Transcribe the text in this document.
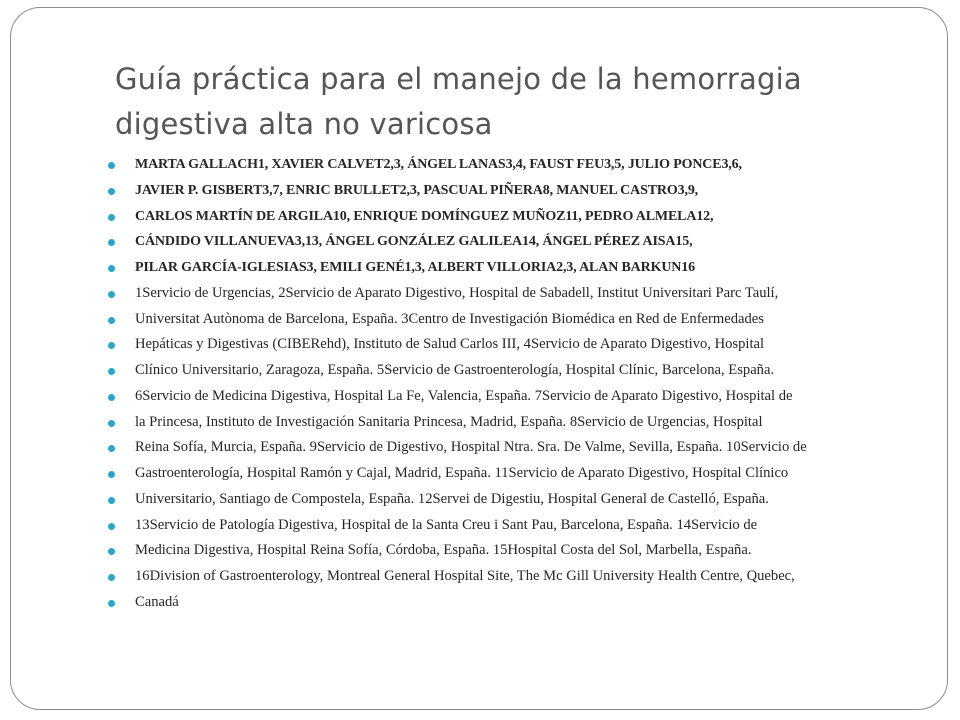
Guía práctica para el manejo de la hemorragia
digestiva alta no varicosa
MARTA GALLACH1, XAVIER CALVET2,3, ÁNGEL LANAS3,4, FAUST FEU3,5, JULIO PONCE3,6,
JAVIER P. GISBERT3,7, ENRIC BRULLET2,3, PASCUAL PIÑERA8, MANUEL CASTRO3,9,
CARLOS MARTÍN DE ARGILA10, ENRIQUE DOMÍNGUEZ MUÑOZ11, PEDRO ALMELA12,
CÁNDIDO VILLANUEVA3,13, ÁNGEL GONZÁLEZ GALILEA14, ÁNGEL PÉREZ AISA15,
PILAR GARCÍA-IGLESIAS3, EMILI GENÉ1,3, ALBERT VILLORIA2,3, ALAN BARKUN16
1Servicio de Urgencias, 2Servicio de Aparato Digestivo, Hospital de Sabadell, Institut Universitari Parc Taulí,
Universitat Autònoma de Barcelona, España. 3Centro de Investigación Biomédica en Red de Enfermedades
Hepáticas y Digestivas (CIBERehd), Instituto de Salud Carlos III, 4Servicio de Aparato Digestivo, Hospital
Clínico Universitario, Zaragoza, España. 5Servicio de Gastroenterología, Hospital Clínic, Barcelona, España.
6Servicio de Medicina Digestiva, Hospital La Fe, Valencia, España. 7Servicio de Aparato Digestivo, Hospital de
la Princesa, Instituto de Investigación Sanitaria Princesa, Madrid, España. 8Servicio de Urgencias, Hospital
Reina Sofía, Murcia, España. 9Servicio de Digestivo, Hospital Ntra. Sra. De Valme, Sevilla, España. 10Servicio de
Gastroenterología, Hospital Ramón y Cajal, Madrid, España. 11Servicio de Aparato Digestivo, Hospital Clínico
Universitario, Santiago de Compostela, España. 12Servei de Digestiu, Hospital General de Castelló, España.
13Servicio de Patología Digestiva, Hospital de la Santa Creu i Sant Pau, Barcelona, España. 14Servicio de
Medicina Digestiva, Hospital Reina Sofía, Córdoba, España. 15Hospital Costa del Sol, Marbella, España.
16Division of Gastroenterology, Montreal General Hospital Site, The Mc Gill University Health Centre, Quebec,
Canadá
